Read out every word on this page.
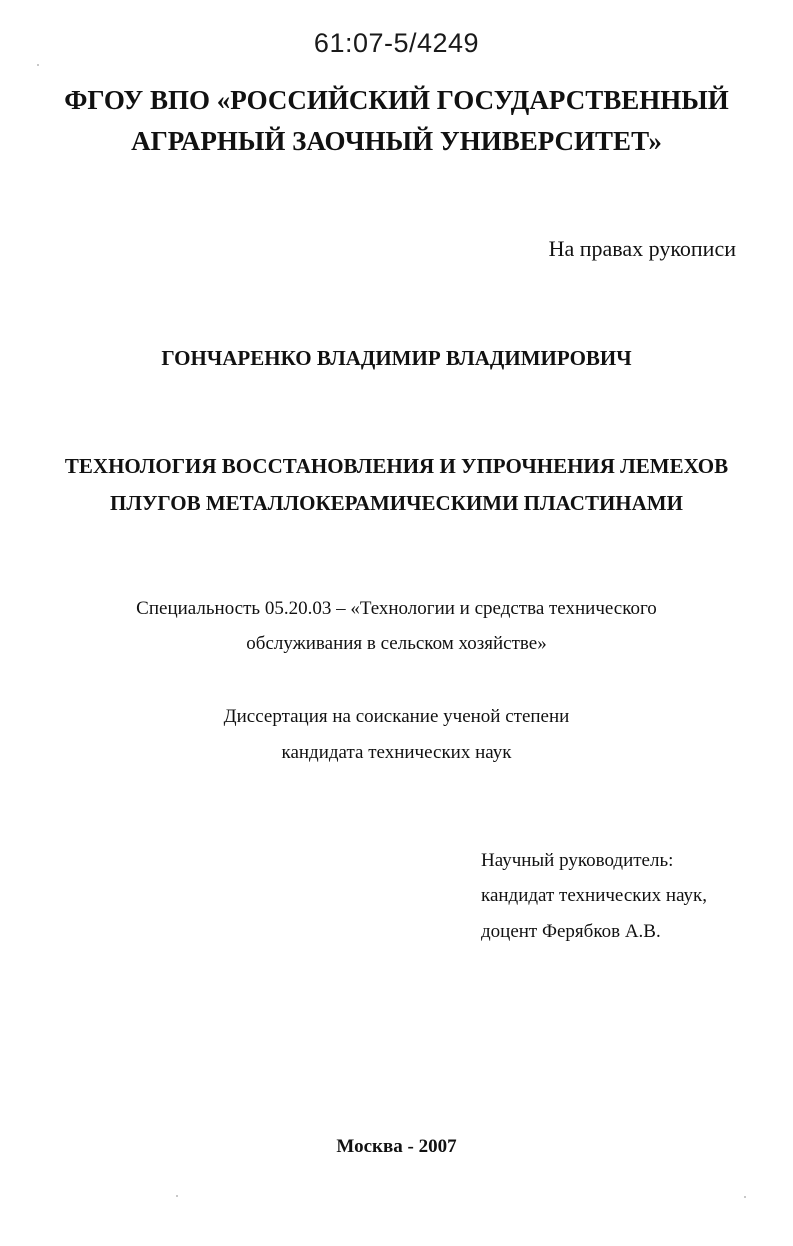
61:07-5/4249

ФГОУ ВПО «РОССИЙСКИЙ ГОСУДАРСТВЕННЫЙ

АГРАРНЫЙ ЗАОЧНЫЙ УНИВЕРСИТЕТ»

На правах рукописи

ГОНЧАРЕНКО ВЛАДИМИР ВЛАДИМИРОВИЧ

ТЕХНОЛОГИЯ ВОССТАНОВЛЕНИЯ И УПРОЧНЕНИЯ ЛЕМЕХОВ

ПЛУГОВ МЕТАЛЛОКЕРАМИЧЕСКИМИ ПЛАСТИНАМИ

Специальность 05.20.03 – «Технологии и средства технического

обслуживания в сельском хозяйстве»

Диссертация на соискание ученой степени

кандидата технических наук

Научный руководитель:

кандидат технических наук,

доцент Ферябков А.В.

Москва - 2007
